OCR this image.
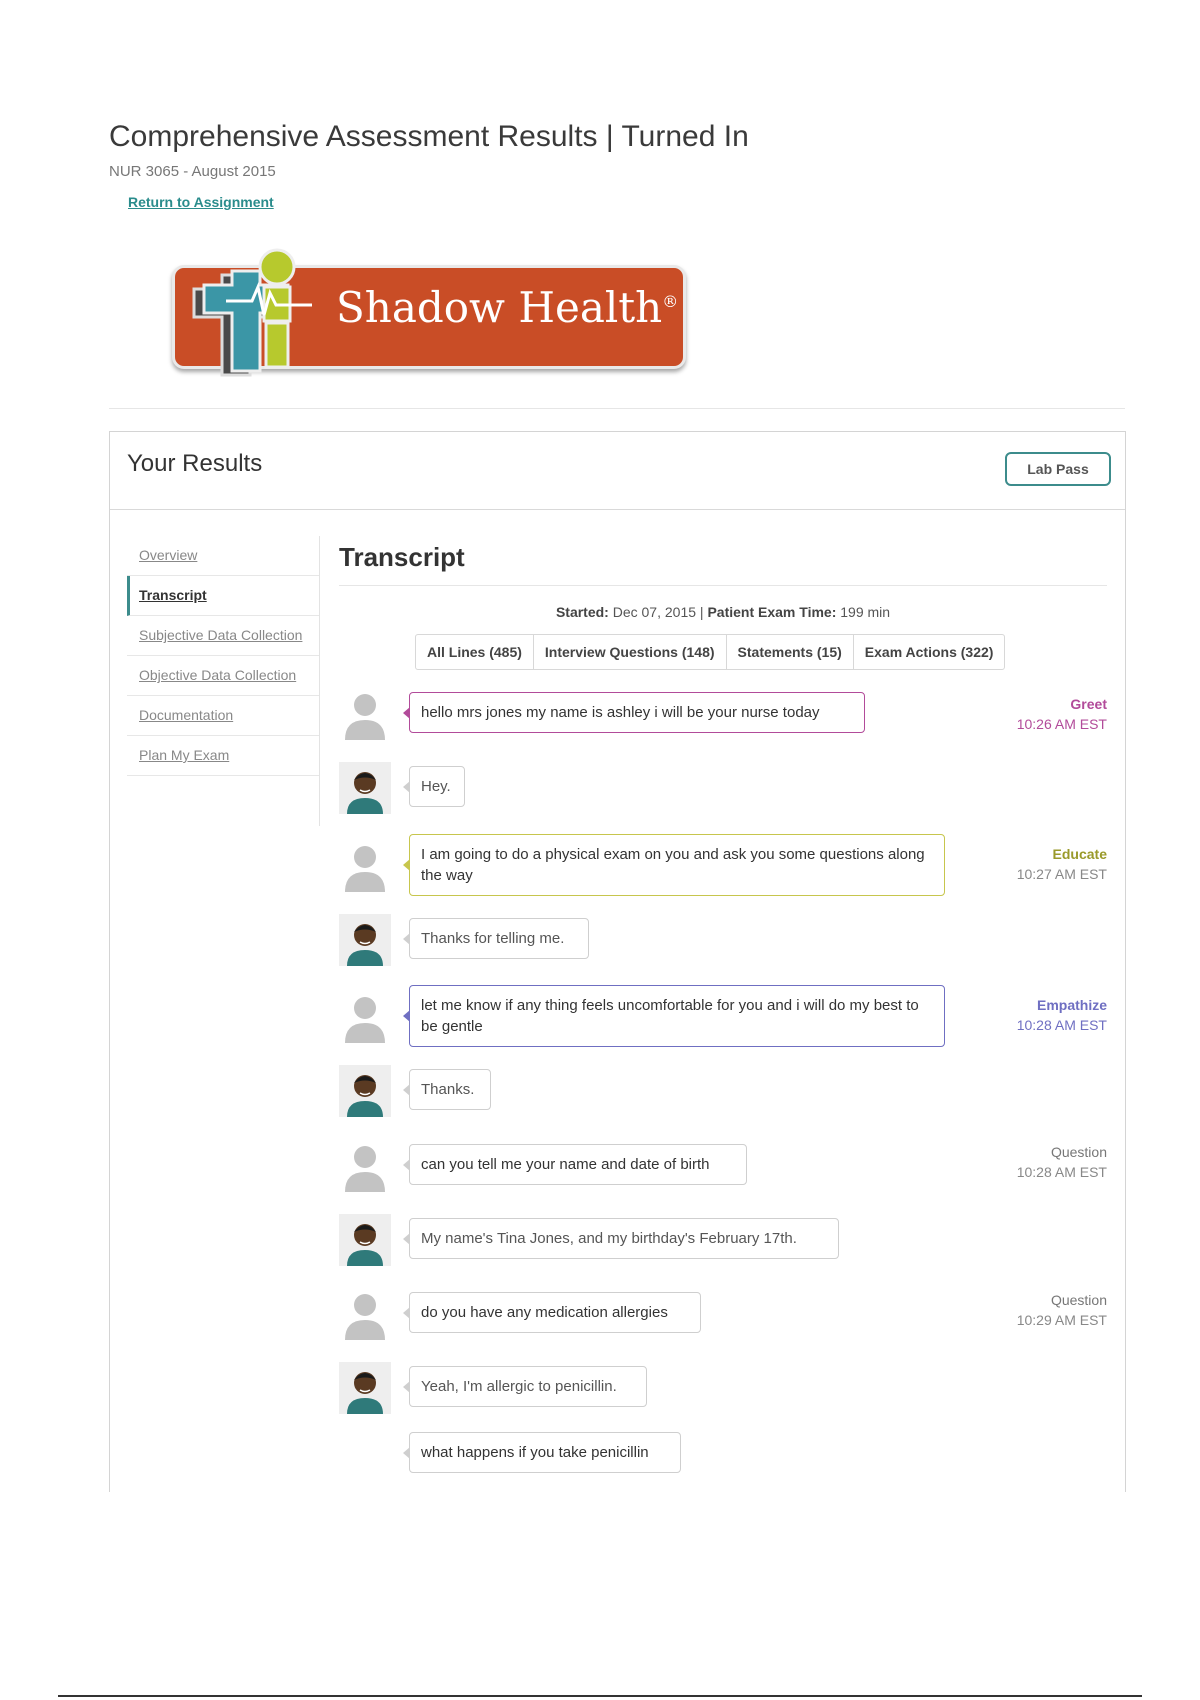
Comprehensive Assessment Results | Turned In
NUR 3065 - August 2015
Return to Assignment
Shadow Health®
Your Results	Lab Pass
Overview
Transcript
Subjective Data Collection
Objective Data Collection
Documentation
Plan My Exam
Transcript
Started: Dec 07, 2015 | Patient Exam Time: 199 min
All Lines (485)	Interview Questions (148)	Statements (15)	Exam Actions (322)
hello mrs jones my name is ashley i will be your nurse today	Greet
10:26 AM EST
Hey.
I am going to do a physical exam on you and ask you some questions along the way
Educate
10:27 AM EST
Thanks for telling me.
let me know if any thing feels uncomfortable for you and i will do my best to be gentle
Empathize
10:28 AM EST
Thanks.
can you tell me your name and date of birth
Question
10:28 AM EST
My name's Tina Jones, and my birthday's February 17th.
do you have any medication allergies
Question
10:29 AM EST
Yeah, I'm allergic to penicillin.
what happens if you take penicillin
